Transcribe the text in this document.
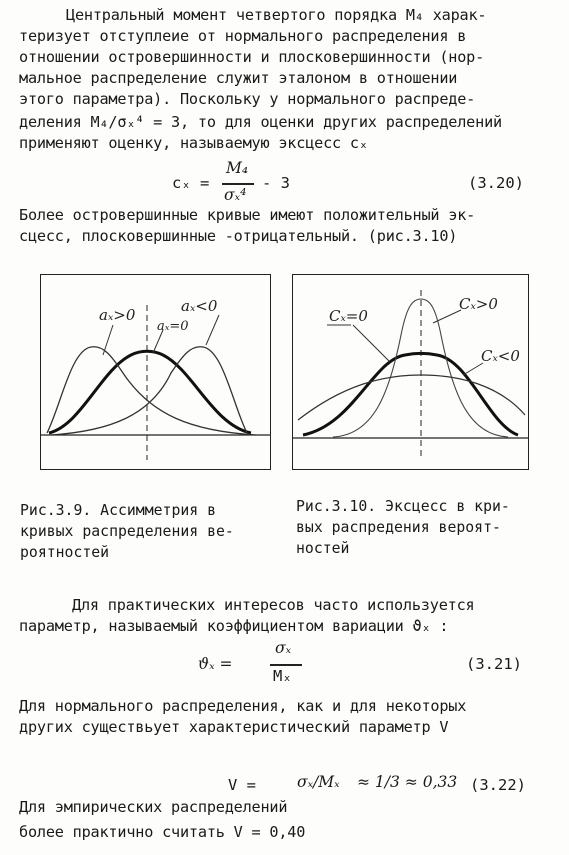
Центральный момент четвертого порядка M₄ харак-
теризует отступлеие от нормального распределения в
отношении островершинности и плосковершинности (нор-
мальное распределение служит эталоном в отношении
этого параметра). Поскольку у нормального распреде-
деления M₄/σₓ⁴ = 3, то для оценки других распределений
применяют оценку, называемую эксцесс cₓ
cₓ =
M₄
σₓ⁴
- 3	(3.20)
Более островершинные кривые имеют положительный эк-
сцесс, плосковершинные -отрицательный. (рис.3.10)
aₓ>0
aₓ=0
aₓ<0
Рис.3.9. Ассимметрия в
кривых распределения ве-
роятностей
Cₓ=0
Cₓ>0
Cₓ<0
Рис.3.10. Эксцесс в кри-
вых распредения вероят-
ностей
Для практических интересов часто используется
параметр, называемый коэффициентом вариации ϑₓ :
ϑₓ =
σₓ
Mₓ
(3.21)
Для нормального распределения, как и для некоторых
других существьует характеристический параметр V
V =	σₓ/Mₓ ≈ 1/3 ≈ 0,33 (3.22)
Для эмпирических распределений
более практично считать V = 0,40
